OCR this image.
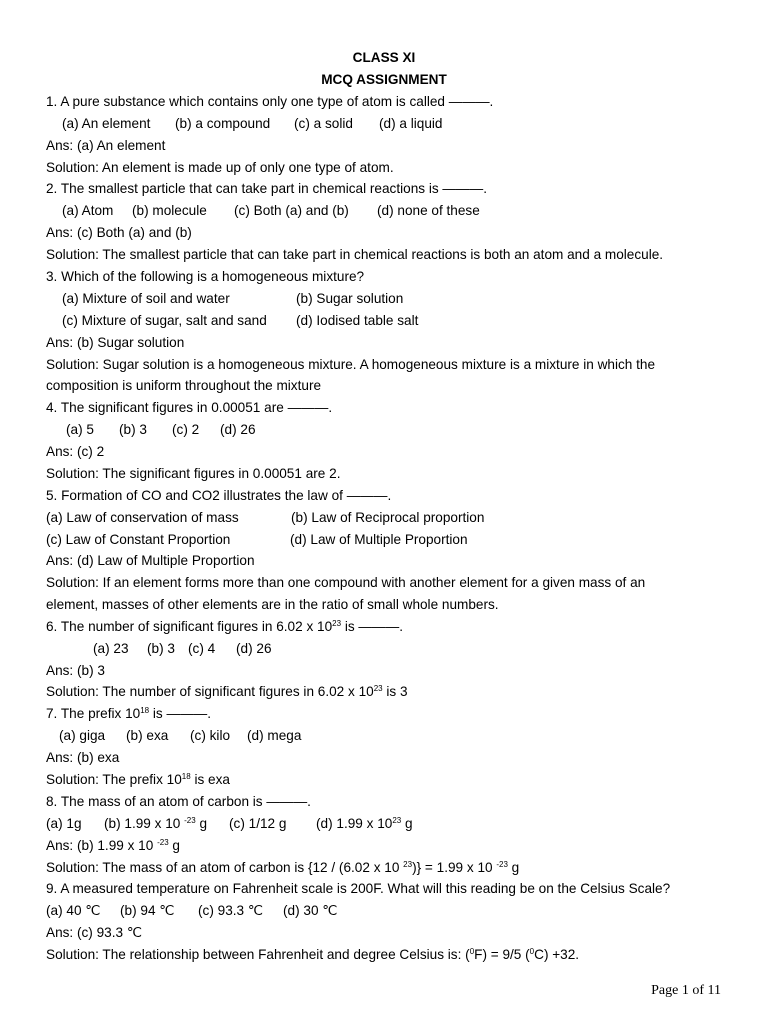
CLASS XI
MCQ ASSIGNMENT
1. A pure substance which contains only one type of atom is called ———.
(a) An element (b) a compound (c) a solid (d) a liquid
Ans: (a) An element
Solution: An element is made up of only one type of atom.
2. The smallest particle that can take part in chemical reactions is ———.
(a) Atom (b) molecule (c) Both (a) and (b) (d) none of these
Ans: (c) Both (a) and (b)
Solution: The smallest particle that can take part in chemical reactions is both an atom and a molecule.
3. Which of the following is a homogeneous mixture?
(a) Mixture of soil and water	(b) Sugar solution
(c) Mixture of sugar, salt and sand (d) Iodised table salt
Ans: (b) Sugar solution
Solution: Sugar solution is a homogeneous mixture. A homogeneous mixture is a mixture in which the
composition is uniform throughout the mixture
4. The significant figures in 0.00051 are ———.
(a) 5 (b) 3 (c) 2 (d) 26
Ans: (c) 2
Solution: The significant figures in 0.00051 are 2.
5. Formation of CO and CO2 illustrates the law of ———.
(a) Law of conservation of mass	(b) Law of Reciprocal proportion
(c) Law of Constant Proportion	(d) Law of Multiple Proportion
Ans: (d) Law of Multiple Proportion
Solution: If an element forms more than one compound with another element for a given mass of an
element, masses of other elements are in the ratio of small whole numbers.
6. The number of significant figures in 6.02 x $10^{23}$ is ———.
(a) 23 (b) 3 (c) 4 (d) 26
Ans: (b) 3
Solution: The number of significant figures in 6.02 x $10^{23}$ is 3
7. The prefix $10^{18}$ is ———.
(a) giga (b) exa (c) kilo (d) mega
Ans: (b) exa
Solution: The prefix $10^{18}$ is exa
8. The mass of an atom of carbon is ———.
(a) 1g (b) 1.99 x 10 $^{-23}$ g (c) 1/12 g (d) 1.99 x $10^{23}$ g
Ans: (b) 1.99 x 10 $^{-23}$ g
Solution: The mass of an atom of carbon is {12 / (6.02 x 10 $^{23}$)} = 1.99 x 10 $^{-23}$ g
9. A measured temperature on Fahrenheit scale is 200F. What will this reading be on the Celsius Scale?
(a) 40 ℃ (b) 94 ℃ (c) 93.3 ℃ (d) 30 ℃
Ans: (c) 93.3 ℃
Solution: The relationship between Fahrenheit and degree Celsius is: ($^0$F) = 9/5 ($^0$C) +32.
Page 1 of 11
